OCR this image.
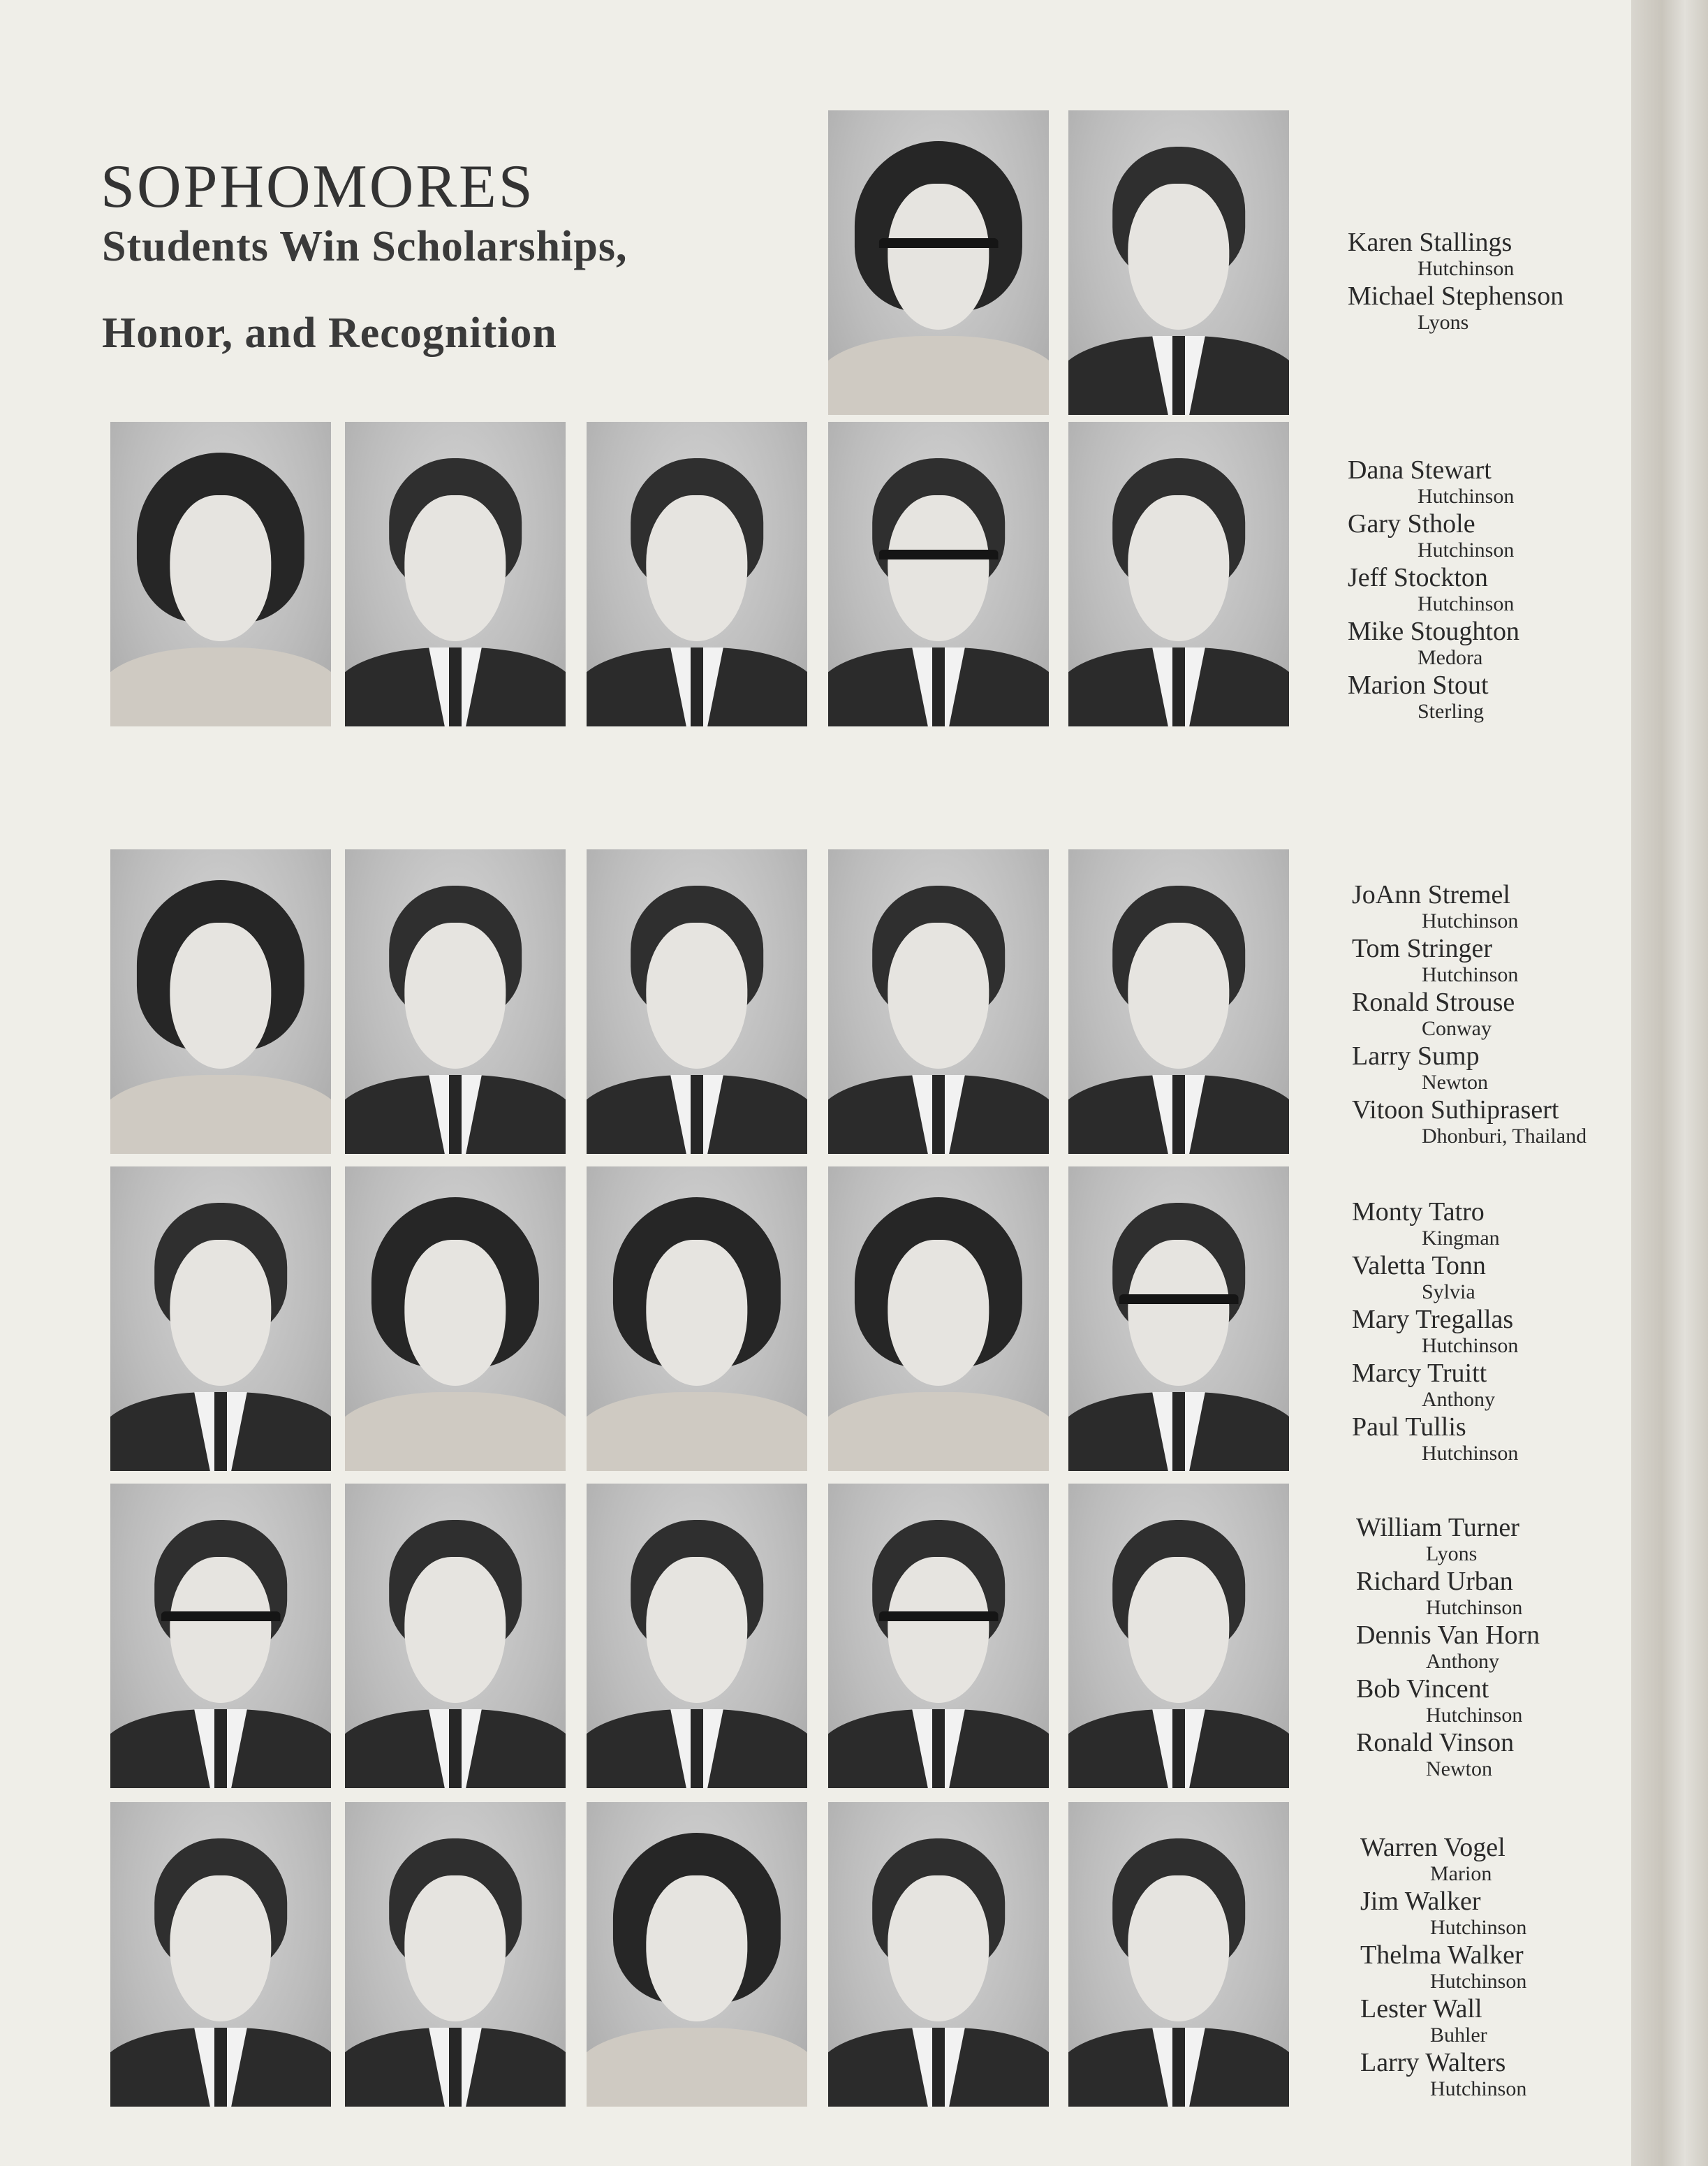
SOPHOMORES
Students Win Scholarships,
Honor, and Recognition
Karen Stallings
Hutchinson
Michael Stephenson
Lyons
Dana Stewart
Hutchinson
Gary Sthole
Hutchinson
Jeff Stockton
Hutchinson
Mike Stoughton
Medora
Marion Stout
Sterling
JoAnn Stremel
Hutchinson
Tom Stringer
Hutchinson
Ronald Strouse
Conway
Larry Sump
Newton
Vitoon Suthiprasert
Dhonburi, Thailand
Monty Tatro
Kingman
Valetta Tonn
Sylvia
Mary Tregallas
Hutchinson
Marcy Truitt
Anthony
Paul Tullis
Hutchinson
William Turner
Lyons
Richard Urban
Hutchinson
Dennis Van Horn
Anthony
Bob Vincent
Hutchinson
Ronald Vinson
Newton
Warren Vogel
Marion
Jim Walker
Hutchinson
Thelma Walker
Hutchinson
Lester Wall
Buhler
Larry Walters
Hutchinson
